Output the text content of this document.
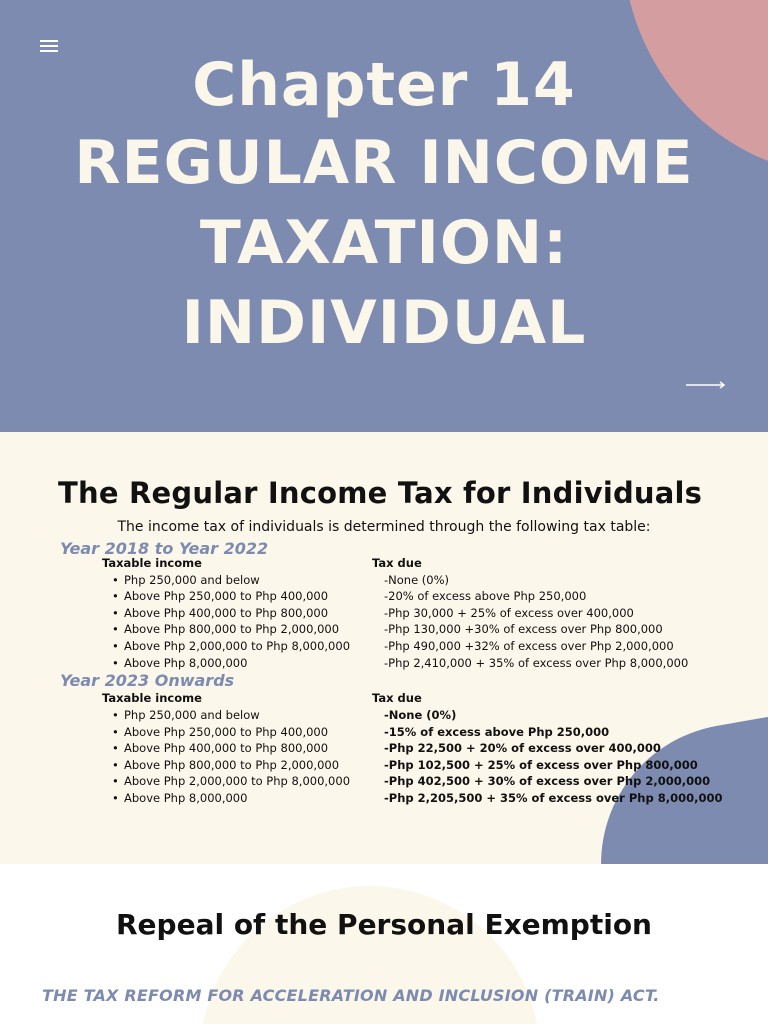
Chapter 14
REGULAR INCOME
TAXATION:
INDIVIDUAL
The Regular Income Tax for Individuals
The income tax of individuals is determined through the following tax table:
Year 2018 to Year 2022
Taxable income	Tax due
• Php 250,000 and below
• Above Php 250,000 to Php 400,000
• Above Php 400,000 to Php 800,000
• Above Php 800,000 to Php 2,000,000
• Above Php 2,000,000 to Php 8,000,000
• Above Php 8,000,000
-None (0%)
-20% of excess above Php 250,000
-Php 30,000 + 25% of excess over 400,000
-Php 130,000 +30% of excess over Php 800,000
-Php 490,000 +32% of excess over Php 2,000,000
-Php 2,410,000 + 35% of excess over Php 8,000,000
Year 2023 Onwards
Taxable income	Tax due
• Php 250,000 and below
• Above Php 250,000 to Php 400,000
• Above Php 400,000 to Php 800,000
• Above Php 800,000 to Php 2,000,000
• Above Php 2,000,000 to Php 8,000,000
• Above Php 8,000,000
-None (0%)
-15% of excess above Php 250,000
-Php 22,500 + 20% of excess over 400,000
-Php 102,500 + 25% of excess over Php 800,000
-Php 402,500 + 30% of excess over Php 2,000,000
-Php 2,205,500 + 35% of excess over Php 8,000,000
Repeal of the Personal Exemption
THE TAX REFORM FOR ACCELERATION AND INCLUSION (TRAIN) ACT.
